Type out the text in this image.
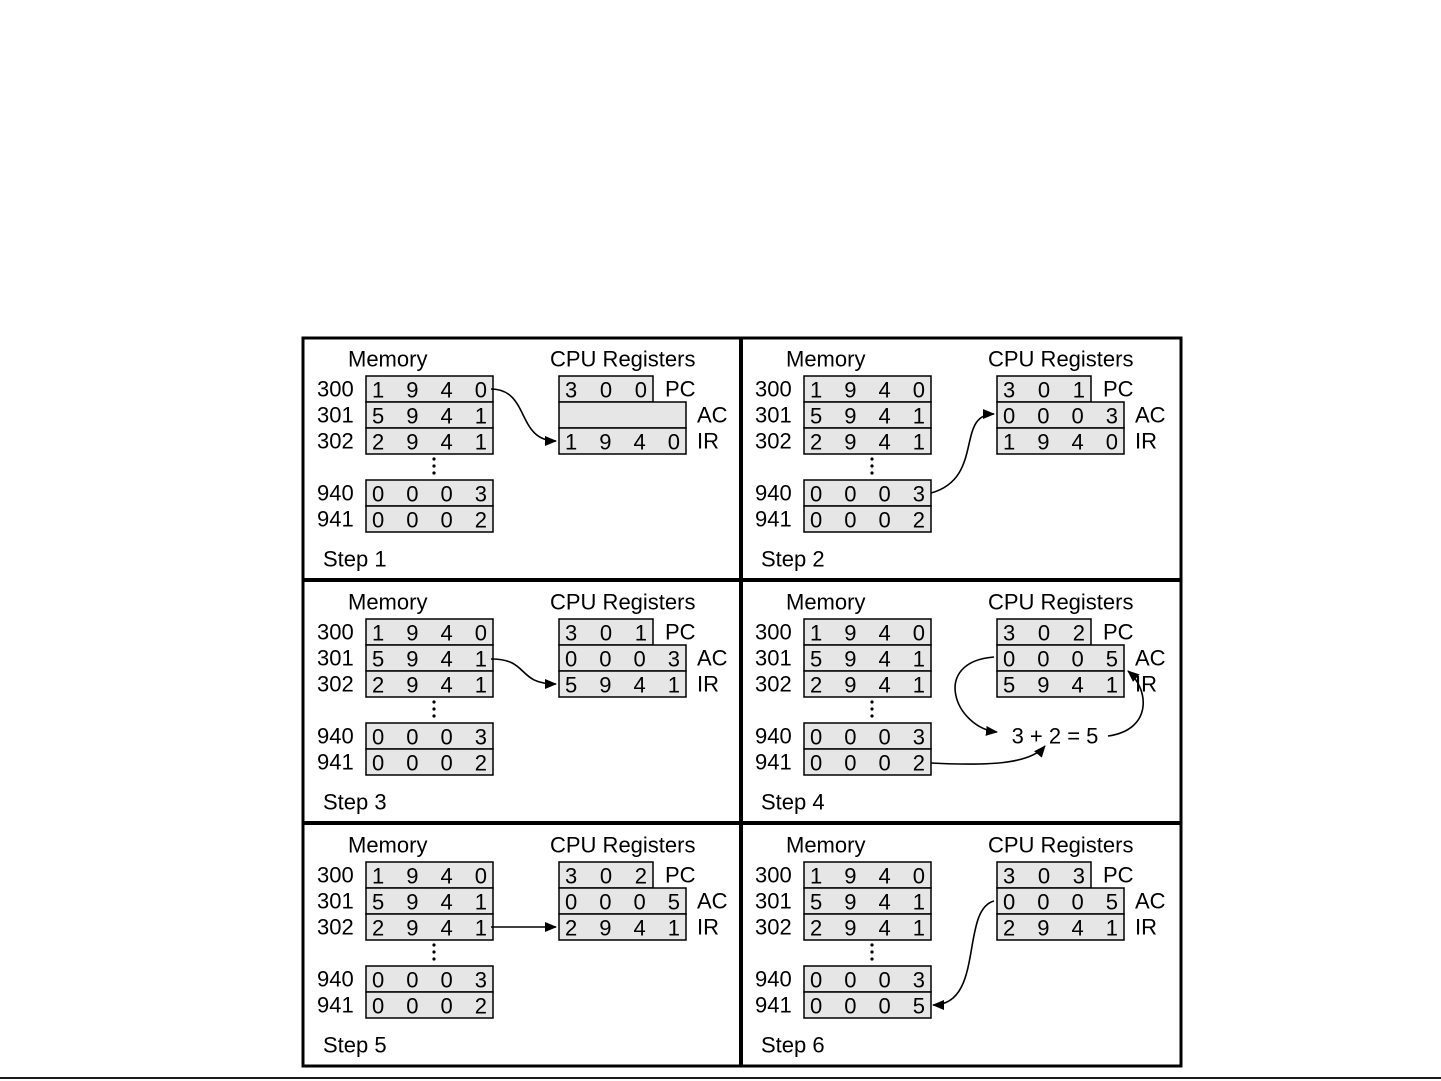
Memory	CPU Registers
300 1 9 4 0
301 5 9 4 1
302 2 9 4 1
940 0 0 0 3
941 0 0 0 2
3 0 0 PC
AC
1 9 4 0 IR
Step 1
Memory	CPU Registers
300 1 9 4 0
301 5 9 4 1
302 2 9 4 1
940 0 0 0 3
941 0 0 0 2
3 0 1 PC
0 0 0 3 AC
1 9 4 0 IR
Step 2
Memory	CPU Registers
300 1 9 4 0
301 5 9 4 1
302 2 9 4 1
940 0 0 0 3
941 0 0 0 2
3 0 1 PC
0 0 0 3 AC
5 9 4 1 IR
Step 3
Memory	CPU Registers
300 1 9 4 0
301 5 9 4 1
302 2 9 4 1
940 0 0 0 3
941 0 0 0 2
3 0 2 PC
0 0 0 5 AC
5 9 4 1 IR
Step 4
Memory	CPU Registers
300 1 9 4 0
301 5 9 4 1
302 2 9 4 1
940 0 0 0 3
941 0 0 0 2
3 0 2 PC
0 0 0 5 AC
2 9 4 1 IR
Step 5
Memory	CPU Registers
300 1 9 4 0
301 5 9 4 1
302 2 9 4 1
940 0 0 0 3
941 0 0 0 5
3 0 3 PC
0 0 0 5 AC
2 9 4 1 IR
Step 6
3 + 2 = 5
